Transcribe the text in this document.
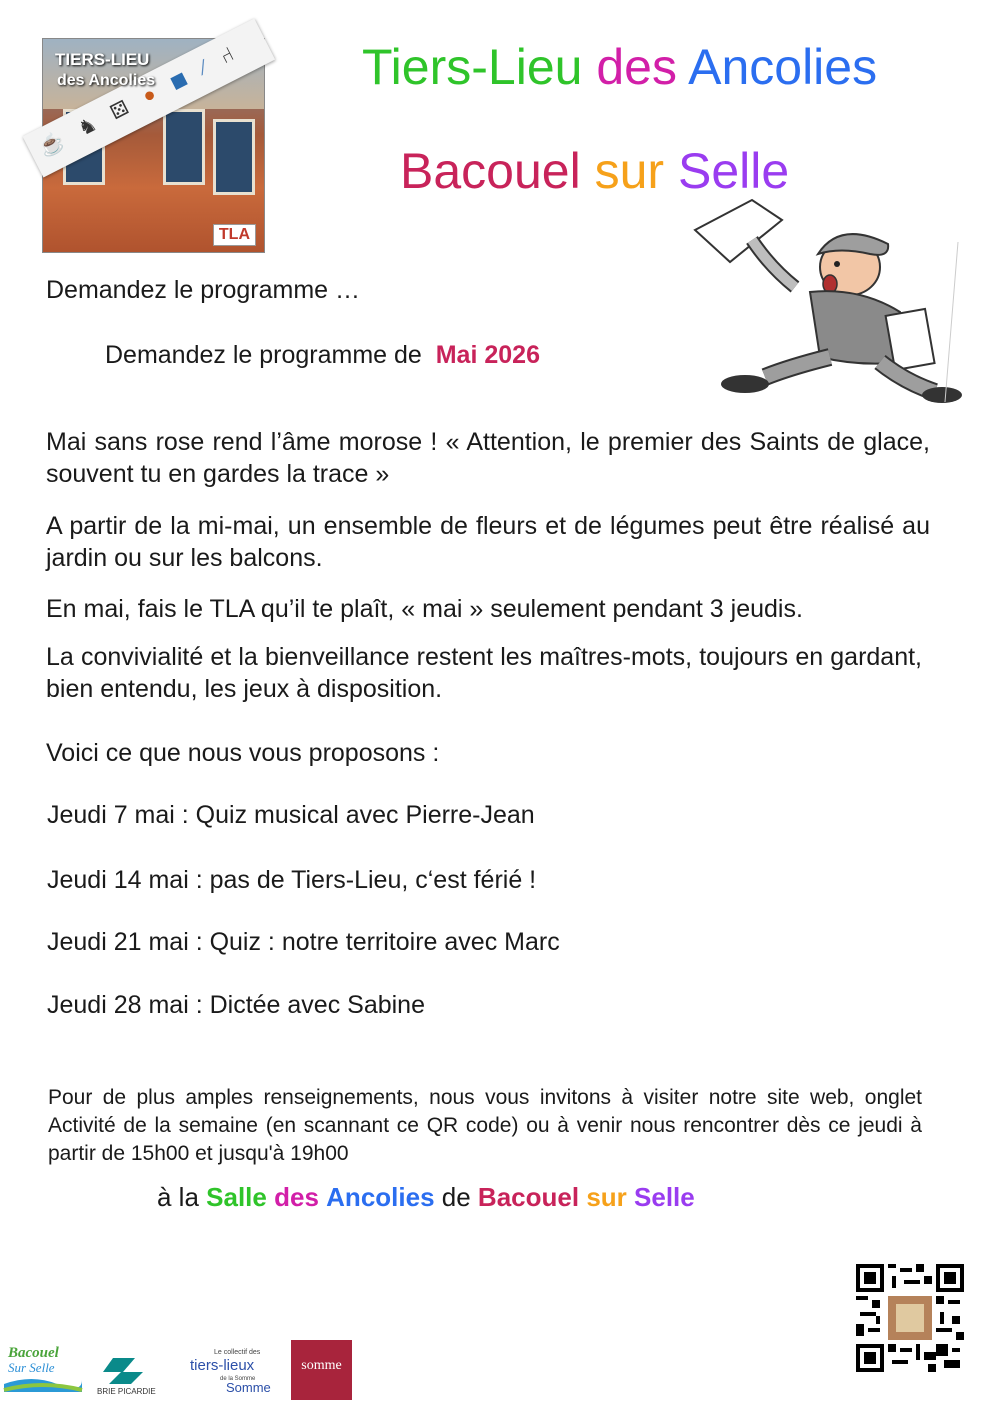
☕ ♞ ⚄ ● ◼ ∕ ⑁
TIERS-LIEU
des Ancolies
TLA
Tiers-Lieu des Ancolies
Bacouel sur Selle
Demandez le programme …
Demandez le programme de Mai 2026
Mai sans rose rend l’âme morose ! « Attention, le premier des Saints de glace, souvent tu en gardes la trace »
A partir de la mi-mai, un ensemble de fleurs et de légumes peut être réalisé au jardin ou sur les balcons.
En mai, fais le TLA qu’il te plaît, « mai » seulement pendant 3 jeudis.
La convivialité et la bienveillance restent les maîtres-mots, toujours en gardant, bien entendu, les jeux à disposition.
Voici ce que nous vous proposons :
Jeudi 7 mai : Quiz musical avec Pierre-Jean
Jeudi 14 mai : pas de Tiers-Lieu, c‘est férié !
Jeudi 21 mai : Quiz : notre territoire avec Marc
Jeudi 28 mai : Dictée avec Sabine
Pour de plus amples renseignements, nous vous invitons à visiter notre site web, onglet Activité de la semaine (en scannant ce QR code) ou à venir nous rencontrer dès ce jeudi à partir de 15h00 et jusqu'à 19h00
à la Salle des Ancolies de Bacouel sur Selle
Bacouel
Sur Selle
BRIE PICARDIE
Le collectif des
tiers-lieux
de la Somme
Somme
somme
